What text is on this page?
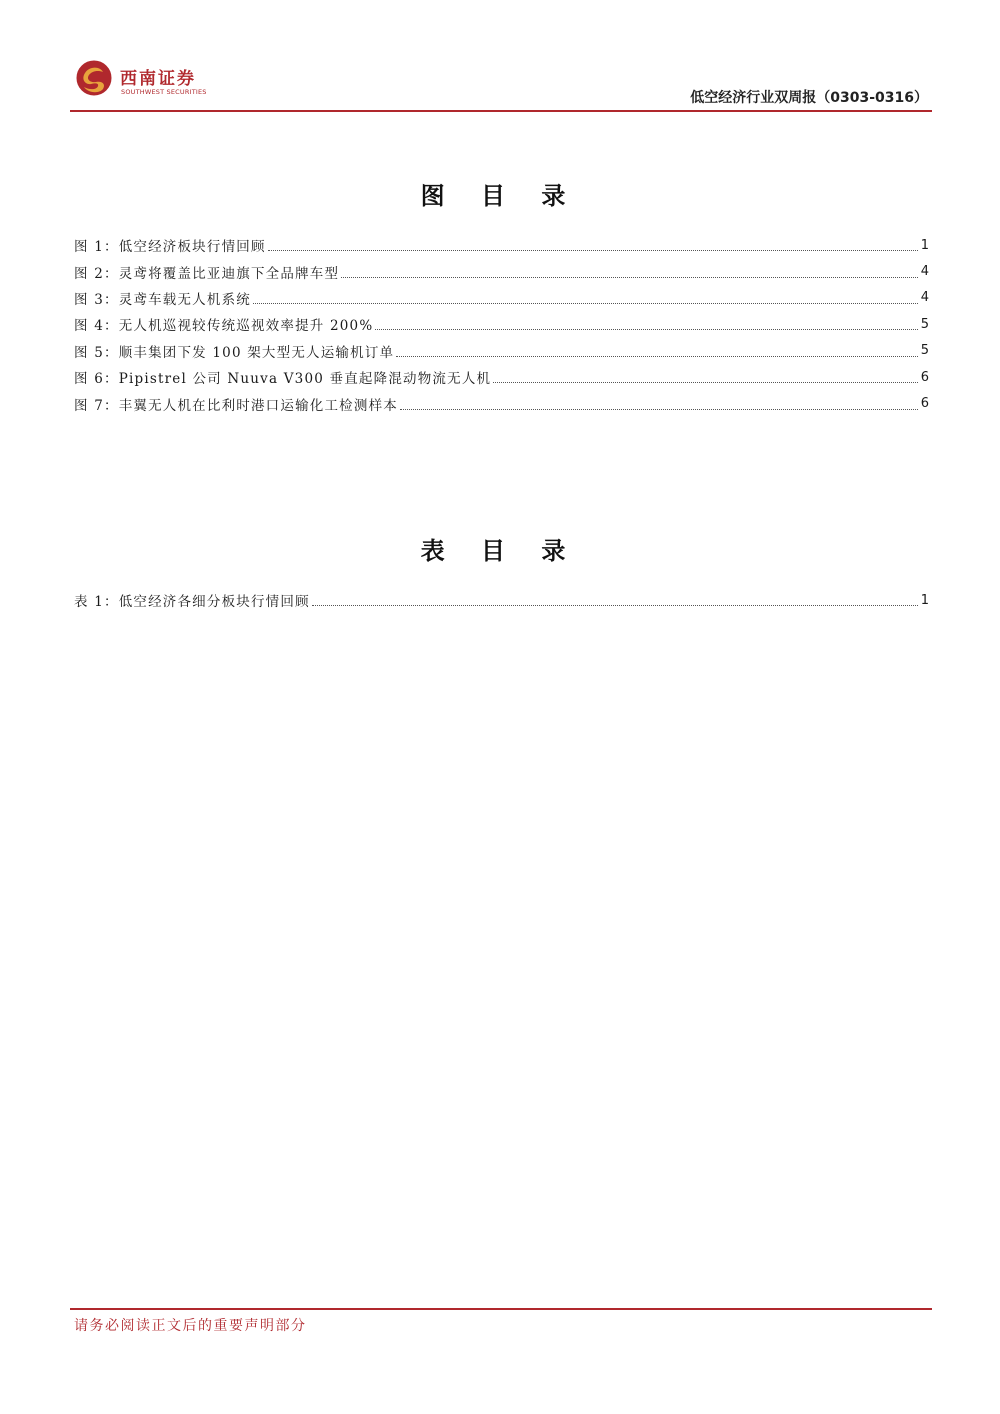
西南证券
SOUTHWEST SECURITIES	低空经济行业双周报（0303-0316）
图 目 录
图 1： 低空经济板块行情回顾	1
图 2： 灵鸢将覆盖比亚迪旗下全品牌车型	4
图 3： 灵鸢车载无人机系统	4
图 4： 无人机巡视较传统巡视效率提升 200%	5
图 5： 顺丰集团下发 100 架大型无人运输机订单	5
图 6： Pipistrel 公司 Nuuva V300 垂直起降混动物流无人机	6
图 7： 丰翼无人机在比利时港口运输化工检测样本	6
表 目 录
表 1： 低空经济各细分板块行情回顾	1
请务必阅读正文后的重要声明部分
